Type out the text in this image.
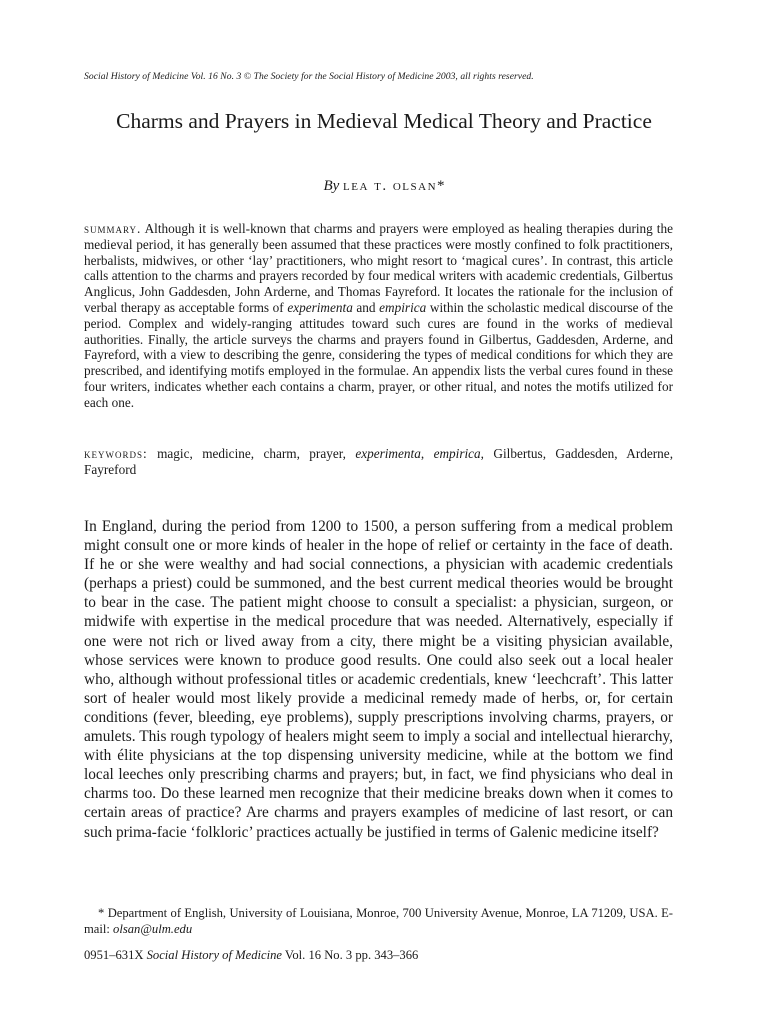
Social History of Medicine Vol. 16 No. 3 © The Society for the Social History of Medicine 2003, all rights reserved.
Charms and Prayers in Medieval Medical Theory and Practice
By lea t. olsan*

summary. Although it is well-known that charms and prayers were employed as healing therapies during the medieval period, it has generally been assumed that these practices were mostly confined to folk practitioners, herbalists, midwives, or other ‘lay’ practitioners, who might resort to ‘magical cures’. In contrast, this article calls attention to the charms and prayers recorded by four medical writers with academic credentials, Gilbertus Anglicus, John Gaddesden, John Arderne, and Thomas Fayreford. It locates the rationale for the inclusion of verbal therapy as acceptable forms of experimenta and empirica within the scholastic medical discourse of the period. Complex and widely-ranging attitudes toward such cures are found in the works of medieval authorities. Finally, the article surveys the charms and prayers found in Gilbertus, Gaddesden, Arderne, and Fayreford, with a view to describing the genre, considering the types of medical conditions for which they are prescribed, and identifying motifs employed in the formulae. An appendix lists the verbal cures found in these four writers, indicates whether each contains a charm, prayer, or other ritual, and notes the motifs utilized for each one.

keywords: magic, medicine, charm, prayer, experimenta, empirica, Gilbertus, Gaddesden, Arderne, Fayreford

In England, during the period from 1200 to 1500, a person suffering from a medical problem might consult one or more kinds of healer in the hope of relief or certainty in the face of death. If he or she were wealthy and had social connections, a physician with academic credentials (perhaps a priest) could be summoned, and the best current medical theories would be brought to bear in the case. The patient might choose to consult a specialist: a physician, surgeon, or midwife with expertise in the medical procedure that was needed. Alternatively, especially if one were not rich or lived away from a city, there might be a visiting physician available, whose services were known to produce good results. One could also seek out a local healer who, although without professional titles or academic credentials, knew ‘leechcraft’. This latter sort of healer would most likely provide a medicinal remedy made of herbs, or, for certain conditions (fever, bleeding, eye problems), supply prescriptions involving charms, prayers, or amulets. This rough typology of healers might seem to imply a social and intellectual hierarchy, with élite physicians at the top dispensing university medicine, while at the bottom we find local leeches only prescribing charms and prayers; but, in fact, we find physicians who deal in charms too. Do these learned men recognize that their medicine breaks down when it comes to certain areas of practice? Are charms and prayers examples of medicine of last resort, or can such prima-facie ‘folkloric’ practices actually be justified in terms of Galenic medicine itself?

* Department of English, University of Louisiana, Monroe, 700 University Avenue, Monroe, LA 71209, USA. E-mail: olsan@ulm.edu

0951–631X Social History of Medicine Vol. 16 No. 3 pp. 343–366
